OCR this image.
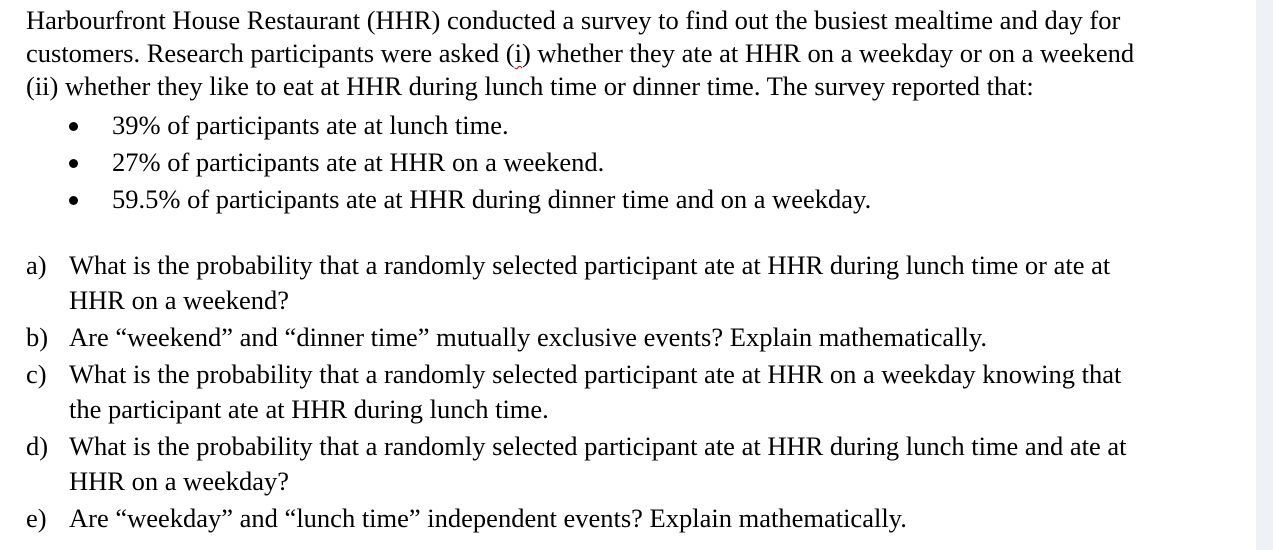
Harbourfront House Restaurant (HHR) conducted a survey to find out the busiest mealtime and day for
customers. Research participants were asked (i) whether they ate at HHR on a weekday or on a weekend
(ii) whether they like to eat at HHR during lunch time or dinner time. The survey reported that:

39% of participants ate at lunch time.
27% of participants ate at HHR on a weekend.
59.5% of participants ate at HHR during dinner time and on a weekday.
a) What is the probability that a randomly selected participant ate at HHR during lunch time or ate at
HHR on a weekend?
b) Are “weekend” and “dinner time” mutually exclusive events? Explain mathematically.
c) What is the probability that a randomly selected participant ate at HHR on a weekday knowing that
the participant ate at HHR during lunch time.
d) What is the probability that a randomly selected participant ate at HHR during lunch time and ate at
HHR on a weekday?
e) Are “weekday” and “lunch time” independent events? Explain mathematically.
